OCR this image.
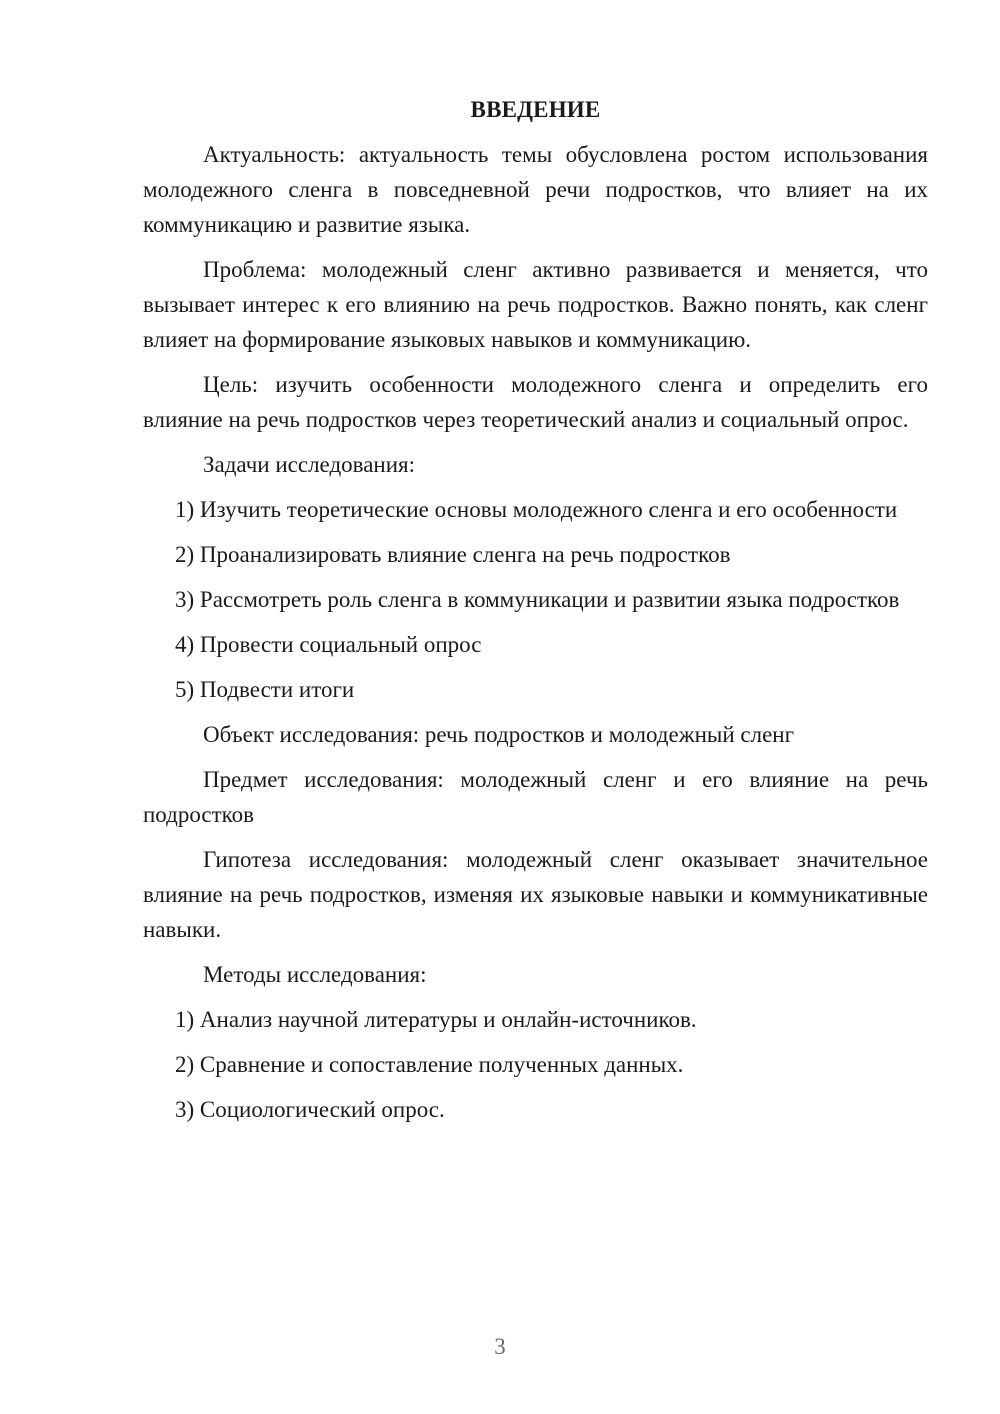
ВВЕДЕНИЕ

Актуальность: актуальность темы обусловлена ростом использования молодежного сленга в повседневной речи подростков, что влияет на их коммуникацию и развитие языка.

Проблема: молодежный сленг активно развивается и меняется, что вызывает интерес к его влиянию на речь подростков. Важно понять, как сленг влияет на формирование языковых навыков и коммуникацию.

Цель: изучить особенности молодежного сленга и определить его влияние на речь подростков через теоретический анализ и социальный опрос.

Задачи исследования:

1) Изучить теоретические основы молодежного сленга и его особенности

2) Проанализировать влияние сленга на речь подростков

3) Рассмотреть роль сленга в коммуникации и развитии языка подростков

4) Провести социальный опрос

5) Подвести итоги

Объект исследования: речь подростков и молодежный сленг

Предмет исследования: молодежный сленг и его влияние на речь подростков

Гипотеза исследования: молодежный сленг оказывает значительное влияние на речь подростков, изменяя их языковые навыки и коммуникативные навыки.

Методы исследования:

1) Анализ научной литературы и онлайн-источников.

2) Сравнение и сопоставление полученных данных.

3) Социологический опрос.

3
